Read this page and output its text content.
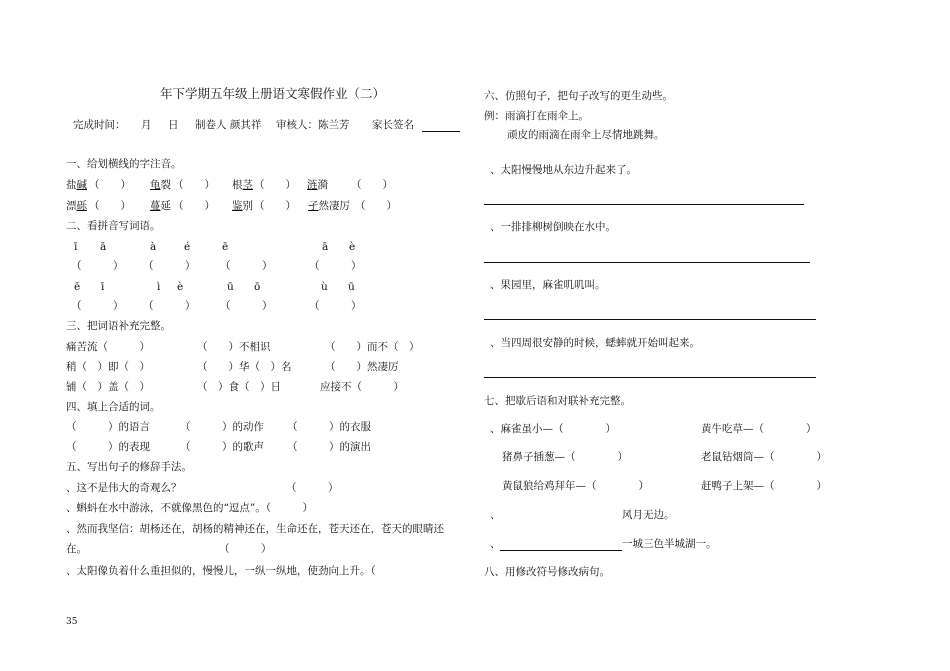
年下学期五年级上册语文寒假作业（二）
完成时间： 月 日 制卷人 颜其祥 审核人：陈兰芳 家长签名
一、给划横线的字注音。
盐碱 （　　） 龟裂 （　　） 根茎 （　　） 涟漪 （　　）
漂砾 （　　） 蔓延 （　　） 鉴别 （　　） 孑然凄厉 （　　）
二、看拼音写词语。
ī ā	à	é	ē	ā è
（　　　） （　　　） （　　　）	（　　　）
ē ī	ì è	ū ō	ù ū
（　　　） （　　　） （　　　）	（　　　）
三、把词语补充完整。
痛苦流（　　　）	（　　）不相识	（　　）而不（　）
稍（　）即（　）	（　　）华（　）名	（　　）然凄厉
铺（　）盖（　）	（　）食（　）日	应接不（　　　）
四、填上合适的词。
（　　　）的语言	（　　　）的动作 （　　　）的衣服
（　　　）的表现	（　　　）的歌声 （　　　）的演出
五、写出句子的修辞手法。
、这不是伟大的奇观么？	（　　　）
、蝌蚪在水中游泳，不就像黑色的“逗点”。（　　　）
、然而我坚信：胡杨还在，胡杨的精神还在，生命还在，苍天还在，苍天的眼睛还
在。	（　　　）
、太阳像负着什么重担似的，慢慢儿，一纵一纵地，使劲向上升。（
35
六、仿照句子，把句子改写的更生动些。
例：雨滴打在雨伞上。
顽皮的雨滴在雨伞上尽情地跳舞。
、太阳慢慢地从东边升起来了。
、一排排柳树倒映在水中。
、果园里，麻雀叽叽叫。
、当四周很安静的时候，蟋蟀就开始叫起来。
七、把歇后语和对联补充完整。
、麻雀虽小—（　　　　）	黄牛吃草—（　　　　）
猪鼻子插葱—（　　　　）	老鼠钻烟筒—（　　　　）
黄鼠狼给鸡拜年—（　　　　）	赶鸭子上架—（　　　　）
、	风月无边。
、	一城三色半城湖一。
八、用修改符号修改病句。
